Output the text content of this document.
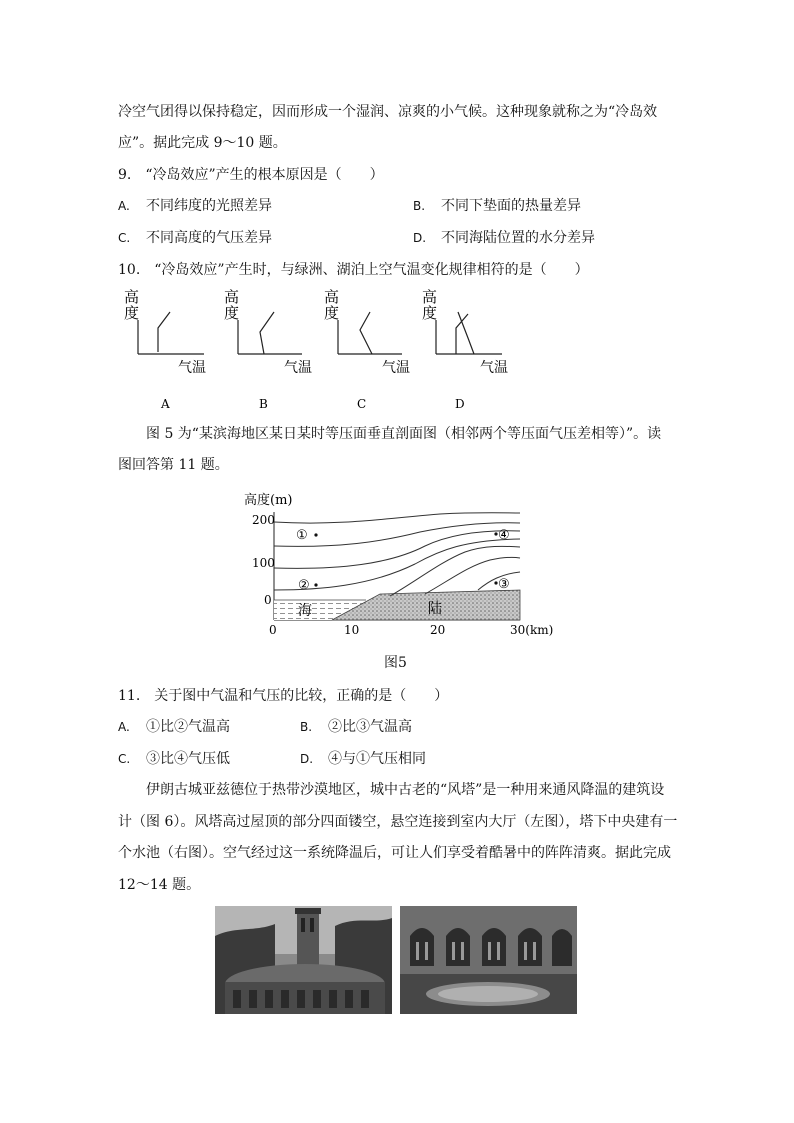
冷空气团得以保持稳定，因而形成一个湿润、凉爽的小气候。这种现象就称之为“冷岛效
应”。据此完成 9～10 题。
9.　“冷岛效应”产生的根本原因是（　　）
A. 不同纬度的光照差异	B. 不同下垫面的热量差异
C. 不同高度的气压差异	D. 不同海陆位置的水分差异
10.　“冷岛效应”产生时，与绿洲、湖泊上空气温变化规律相符的是（　　）
高
度
气温
A
高
度
气温
B
高
度
气温
C
高
度
气温
D
图 5 为“某滨海地区某日某时等压面垂直剖面图（相邻两个等压面气压差相等）”。读
图回答第 11 题。
高度(m)
200
100
0
0	10	20	30(km)
海	陆
①
②	③
④
图5
11.　关于图中气温和气压的比较，正确的是（　　）
A. ①比②气温高	B. ②比③气温高
C. ③比④气压低	D. ④与①气压相同
伊朗古城亚兹德位于热带沙漠地区，城中古老的“风塔”是一种用来通风降温的建筑设
计（图 6）。风塔高过屋顶的部分四面镂空，悬空连接到室内大厅（左图），塔下中央建有一
个水池（右图）。空气经过这一系统降温后，可让人们享受着酷暑中的阵阵清爽。据此完成
12～14 题。
